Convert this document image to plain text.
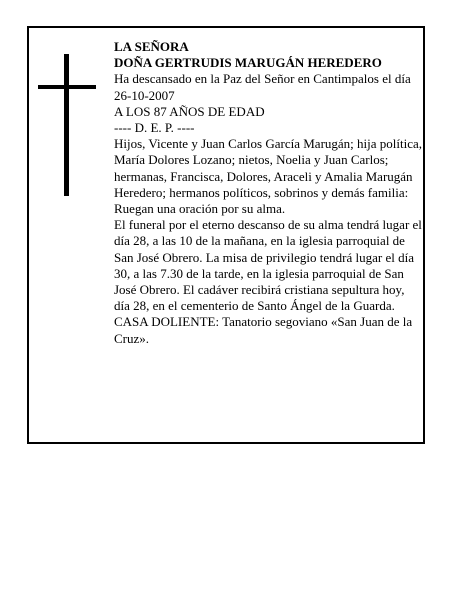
LA SEÑORA

DOÑA GERTRUDIS MARUGÁN HEREDERO

Ha descansado en la Paz del Señor en Cantimpalos el día 26-10-2007

A LOS 87 AÑOS DE EDAD

---- D. E. P. ----

Hijos, Vicente y Juan Carlos García Marugán; hija política, María Dolores Lozano; nietos, Noelia y Juan Carlos; hermanas, Francisca, Dolores, Araceli y Amalia Marugán Heredero; hermanos políticos, sobrinos y demás familia:

Ruegan una oración por su alma.

El funeral por el eterno descanso de su alma tendrá lugar el día 28, a las 10 de la mañana, en la iglesia parroquial de San José Obrero. La misa de privilegio tendrá lugar el día 30, a las 7.30 de la tarde, en la iglesia parroquial de San José Obrero. El cadáver recibirá cristiana sepultura hoy, día 28, en el cementerio de Santo Ángel de la Guarda.

CASA DOLIENTE: Tanatorio segoviano «San Juan de la Cruz».
